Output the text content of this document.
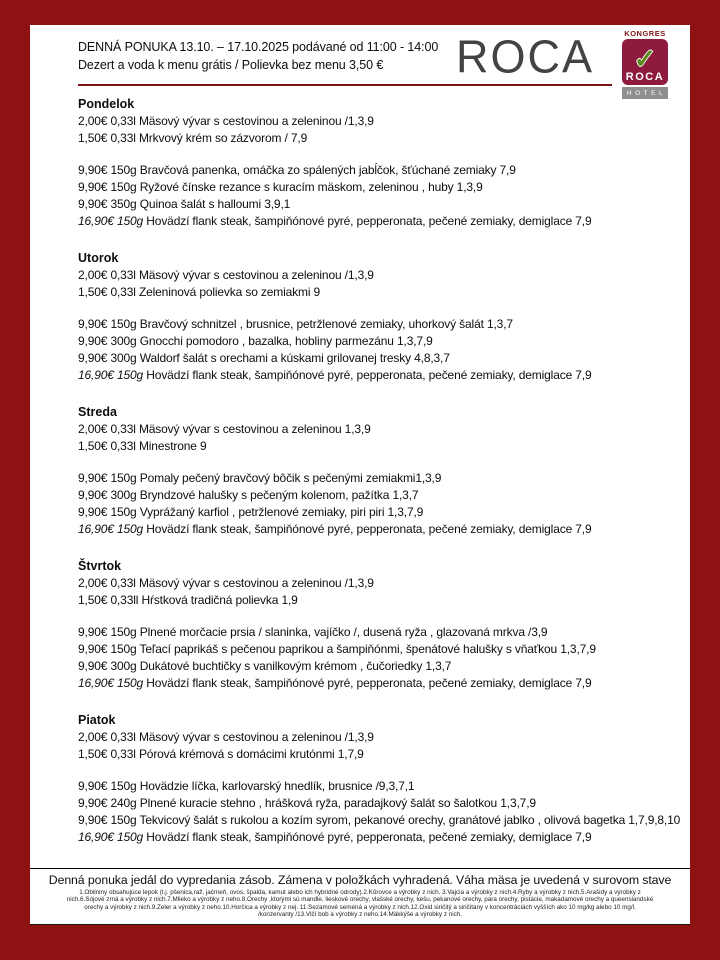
DENNÁ PONUKA 13.10. – 17.10.2025 podávané od 11:00 - 14:00
Dezert a voda k menu grátis / Polievka bez menu 3,50 €	ROCA	KONGRES
✓
ROCA
HOTEL
Pondelok
2,00€ 0,33l Mäsový vývar s cestovinou a zeleninou /1,3,9
1,50€ 0,33l Mrkvový krém so zázvorom / 7,9
9,90€ 150g Bravčová panenka, omáčka zo spálených jabĺčok, šťúchané zemiaky 7,9
9,90€ 150g Ryžové čínske rezance s kuracím mäskom, zeleninou , huby 1,3,9
9,90€ 350g Quinoa šalát s halloumi 3,9,1
16,90€ 150g Hovädzí flank steak, šampiňónové pyré, pepperonata, pečené zemiaky, demiglace 7,9
Utorok
2,00€ 0,33l Mäsový vývar s cestovinou a zeleninou /1,3,9
1,50€ 0,33l Zeleninová polievka so zemiakmi 9
9,90€ 150g Bravčový schnitzel , brusnice, petržlenové zemiaky, uhorkový šalát 1,3,7
9,90€ 300g Gnocchi pomodoro , bazalka, hobliny parmezánu 1,3,7,9
9,90€ 300g Waldorf šalát s orechami a kúskami grilovanej tresky 4,8,3,7
16,90€ 150g Hovädzí flank steak, šampiňónové pyré, pepperonata, pečené zemiaky, demiglace 7,9
Streda
2,00€ 0,33l Mäsový vývar s cestovinou a zeleninou 1,3,9
1,50€ 0,33l Minestrone 9
9,90€ 150g Pomaly pečený bravčový bôčik s pečenými zemiakmi1,3,9
9,90€ 300g Bryndzové halušky s pečeným kolenom, pažítka 1,3,7
9,90€ 150g Vyprážaný karfiol , petržlenové zemiaky, piri piri 1,3,7,9
16,90€ 150g Hovädzí flank steak, šampiňónové pyré, pepperonata, pečené zemiaky, demiglace 7,9
Štvrtok
2,00€ 0,33l Mäsový vývar s cestovinou a zeleninou /1,3,9
1,50€ 0,33ll Hŕstková tradičná polievka 1,9
9,90€ 150g Plnené morčacie prsia / slaninka, vajíčko /, dusená ryža , glazovaná mrkva /3,9
9,90€ 150g Teľací paprikáš s pečenou paprikou a šampiňónmi, špenátové halušky s vňaťkou 1,3,7,9
9,90€ 300g Dukátové buchtičky s vanilkovým krémom , čučoriedky 1,3,7
16,90€ 150g Hovädzí flank steak, šampiňónové pyré, pepperonata, pečené zemiaky, demiglace 7,9
Piatok
2,00€ 0,33l Mäsový vývar s cestovinou a zeleninou /1,3,9
1,50€ 0,33l Pórová krémová s domácimi krutónmi 1,7,9
9,90€ 150g Hovädzie líčka, karlovarský hnedlík, brusnice /9,3,7,1
9,90€ 240g Plnené kuracie stehno , hrášková ryža, paradajkový šalát so šalotkou 1,3,7,9
9,90€ 150g Tekvicový šalát s rukolou a kozím syrom, pekanové orechy, granátové jablko , olivová bagetka 1,7,9,8,10
16,90€ 150g Hovädzí flank steak, šampiňónové pyré, pepperonata, pečené zemiaky, demiglace 7,9
Denná ponuka jedál do vypredania zásob. Zámena v položkách vyhradená. Váha mäsa je uvedená v surovom stave
1.Obilniny obsahujúce lepok (t.j. pšenica,raž, jačmeň, ovos, špalda, kamut alebo ich hybridné odrody).2.Kôrovce a výrobky z nich. 3.Vajcia a výrobky z nich.4.Ryby a výrobky z nich.5.Arašidy a výrobky z
nich.6.Sójové zrná a výrobky z nich.7.Mlieko a výrobky z neho.8.Orechy ,ktorými sú mandle, lieskové orechy, vlašské orechy, kešu, pekanové orechy, para orechy, pistácie, makadamové orechy a queenslandské
orechy a výrobky z nich.9.Zeler a výrobky z neho.10.Horčica a výrobky z nej. 11.Sezamové semená a výrobky z nich.12.Oxid siričitý a siričitany v koncentráciách vyšších ako 10 mg/kg alebo 10 mg/l.
/konzervanty /13.Vlčí bob a výrobky z neho.14.Mäkkýše a výrobky z nich.
